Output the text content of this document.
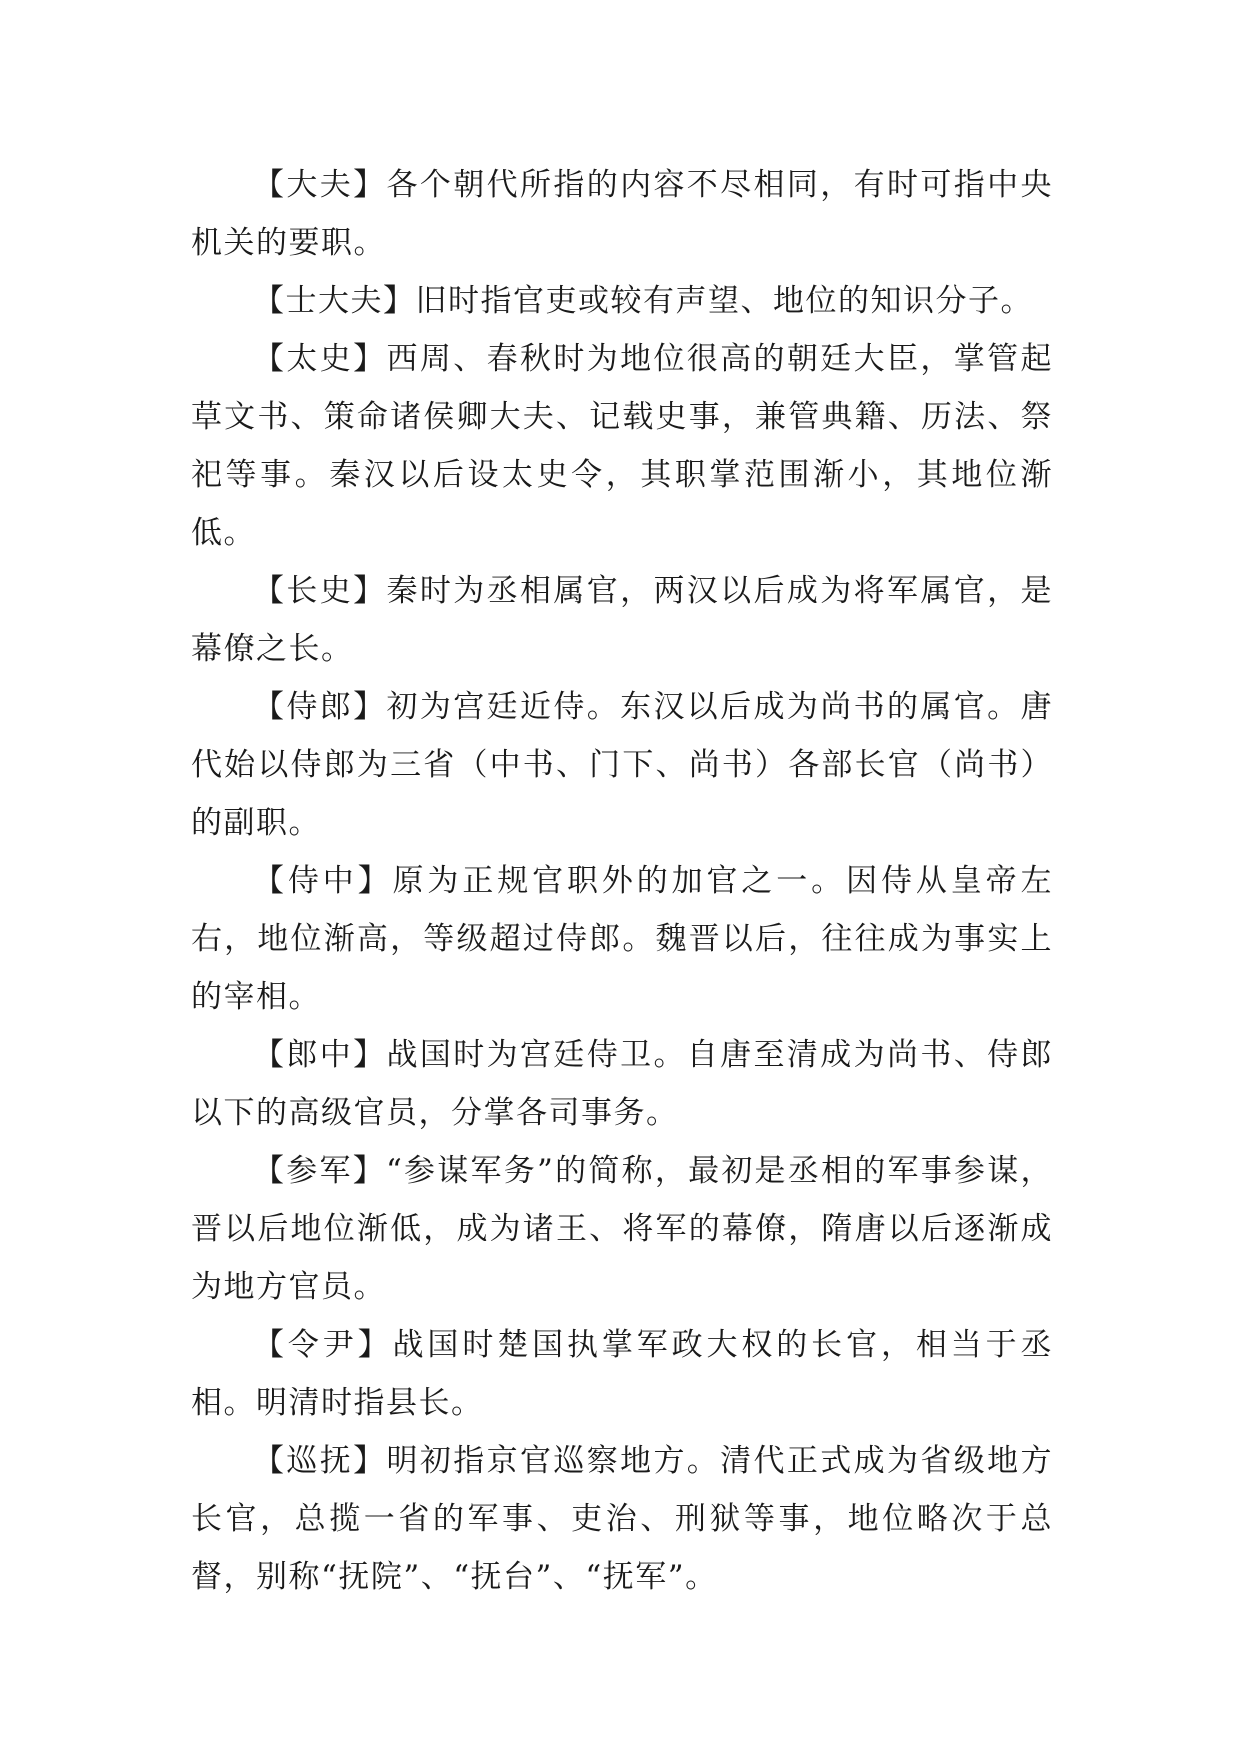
【大夫】各个朝代所指的内容不尽相同，有时可指中央机关的要职。

【士大夫】旧时指官吏或较有声望、地位的知识分子。

【太史】西周、春秋时为地位很高的朝廷大臣，掌管起草文书、策命诸侯卿大夫、记载史事，兼管典籍、历法、祭祀等事。秦汉以后设太史令，其职掌范围渐小，其地位渐低。

【长史】秦时为丞相属官，两汉以后成为将军属官，是幕僚之长。

【侍郎】初为宫廷近侍。东汉以后成为尚书的属官。唐代始以侍郎为三省（中书、门下、尚书）各部长官（尚书）的副职。

【侍中】原为正规官职外的加官之一。因侍从皇帝左右，地位渐高，等级超过侍郎。魏晋以后，往往成为事实上的宰相。

【郎中】战国时为宫廷侍卫。自唐至清成为尚书、侍郎以下的高级官员，分掌各司事务。

【参军】“参谋军务”的简称，最初是丞相的军事参谋，晋以后地位渐低，成为诸王、将军的幕僚，隋唐以后逐渐成为地方官员。

【令尹】战国时楚国执掌军政大权的长官，相当于丞相。明清时指县长。

【巡抚】明初指京官巡察地方。清代正式成为省级地方长官，总揽一省的军事、吏治、刑狱等事，地位略次于总督，别称“抚院”、“抚台”、“抚军”。
